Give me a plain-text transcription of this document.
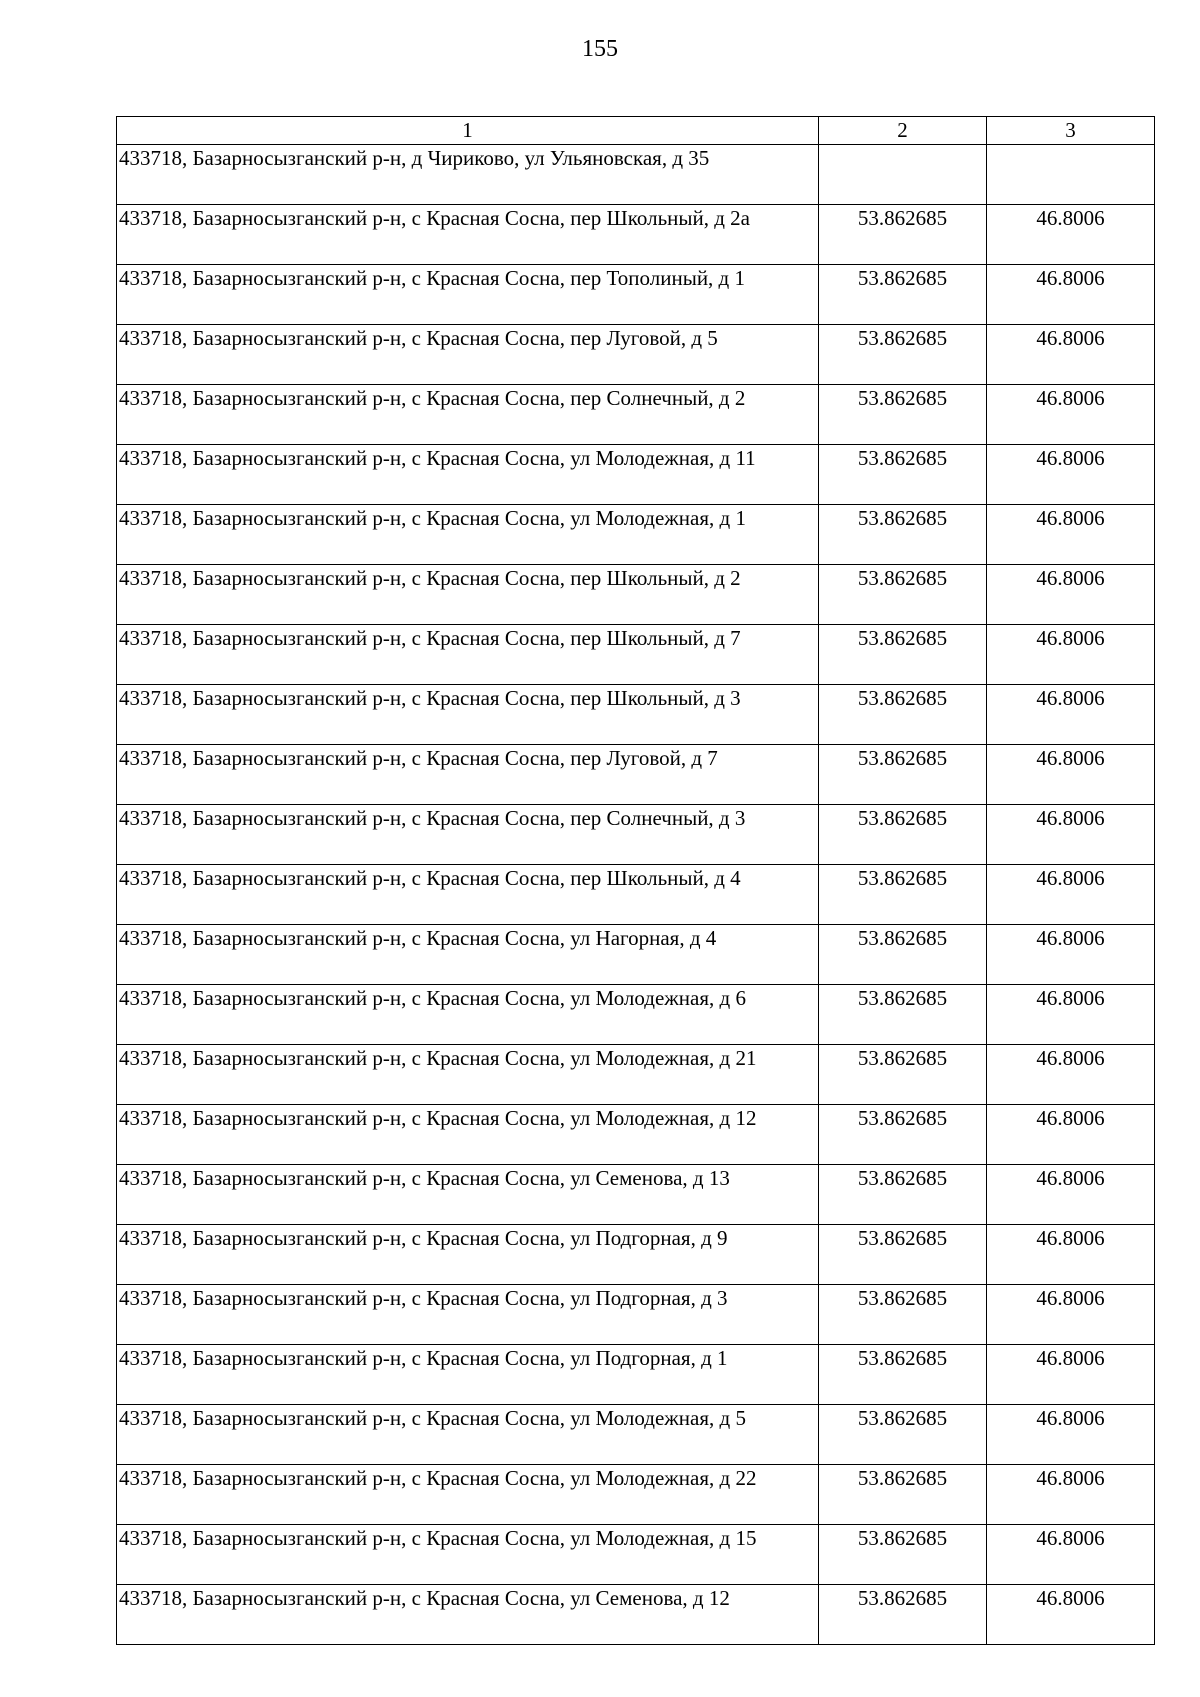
155
1	2	3
433718, Базарносызганский р-н, д Чириково, ул Ульяновская, д 35		
433718, Базарносызганский р-н, с Красная Сосна, пер Школьный, д 2а	53.862685	46.8006
433718, Базарносызганский р-н, с Красная Сосна, пер Тополиный, д 1	53.862685	46.8006
433718, Базарносызганский р-н, с Красная Сосна, пер Луговой, д 5	53.862685	46.8006
433718, Базарносызганский р-н, с Красная Сосна, пер Солнечный, д 2	53.862685	46.8006
433718, Базарносызганский р-н, с Красная Сосна, ул Молодежная, д 11	53.862685	46.8006
433718, Базарносызганский р-н, с Красная Сосна, ул Молодежная, д 1	53.862685	46.8006
433718, Базарносызганский р-н, с Красная Сосна, пер Школьный, д 2	53.862685	46.8006
433718, Базарносызганский р-н, с Красная Сосна, пер Школьный, д 7	53.862685	46.8006
433718, Базарносызганский р-н, с Красная Сосна, пер Школьный, д 3	53.862685	46.8006
433718, Базарносызганский р-н, с Красная Сосна, пер Луговой, д 7	53.862685	46.8006
433718, Базарносызганский р-н, с Красная Сосна, пер Солнечный, д 3	53.862685	46.8006
433718, Базарносызганский р-н, с Красная Сосна, пер Школьный, д 4	53.862685	46.8006
433718, Базарносызганский р-н, с Красная Сосна, ул Нагорная, д 4	53.862685	46.8006
433718, Базарносызганский р-н, с Красная Сосна, ул Молодежная, д 6	53.862685	46.8006
433718, Базарносызганский р-н, с Красная Сосна, ул Молодежная, д 21	53.862685	46.8006
433718, Базарносызганский р-н, с Красная Сосна, ул Молодежная, д 12	53.862685	46.8006
433718, Базарносызганский р-н, с Красная Сосна, ул Семенова, д 13	53.862685	46.8006
433718, Базарносызганский р-н, с Красная Сосна, ул Подгорная, д 9	53.862685	46.8006
433718, Базарносызганский р-н, с Красная Сосна, ул Подгорная, д 3	53.862685	46.8006
433718, Базарносызганский р-н, с Красная Сосна, ул Подгорная, д 1	53.862685	46.8006
433718, Базарносызганский р-н, с Красная Сосна, ул Молодежная, д 5	53.862685	46.8006
433718, Базарносызганский р-н, с Красная Сосна, ул Молодежная, д 22	53.862685	46.8006
433718, Базарносызганский р-н, с Красная Сосна, ул Молодежная, д 15	53.862685	46.8006
433718, Базарносызганский р-н, с Красная Сосна, ул Семенова, д 12	53.862685	46.8006
